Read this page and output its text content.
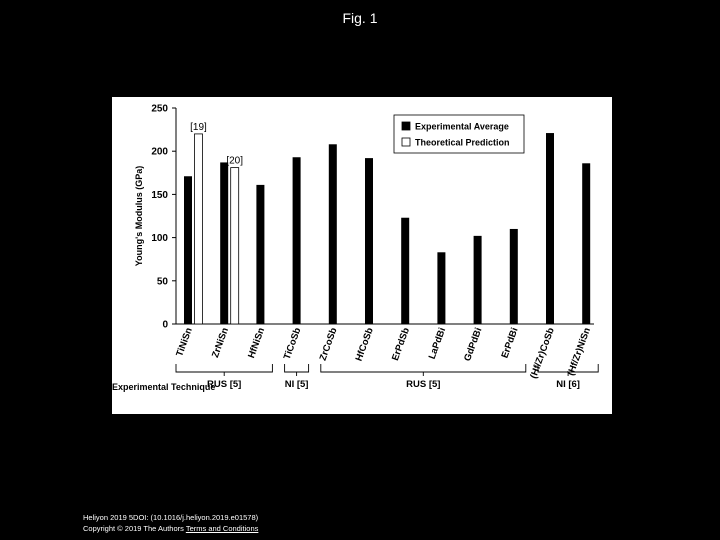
Fig. 1
0
50
100
150
200
250
Young's Modulus (GPa)
TiNiSn ZrNiSn HfNiSn TiCoSb ZrCoSb HfCoSb ErPdSb LaPdBi GdPdBi ErPdBi (Hf/Zr)CoSb (Hf/Zr)NiSn
[19]
[20]
Experimental Average
Theoretical Prediction
Experimental Technique
RUS [5]	NI [5]	RUS [5]	NI [6]
Heliyon 2019 5DOI: (10.1016/j.heliyon.2019.e01578)
Copyright © 2019 The Authors Terms and Conditions
